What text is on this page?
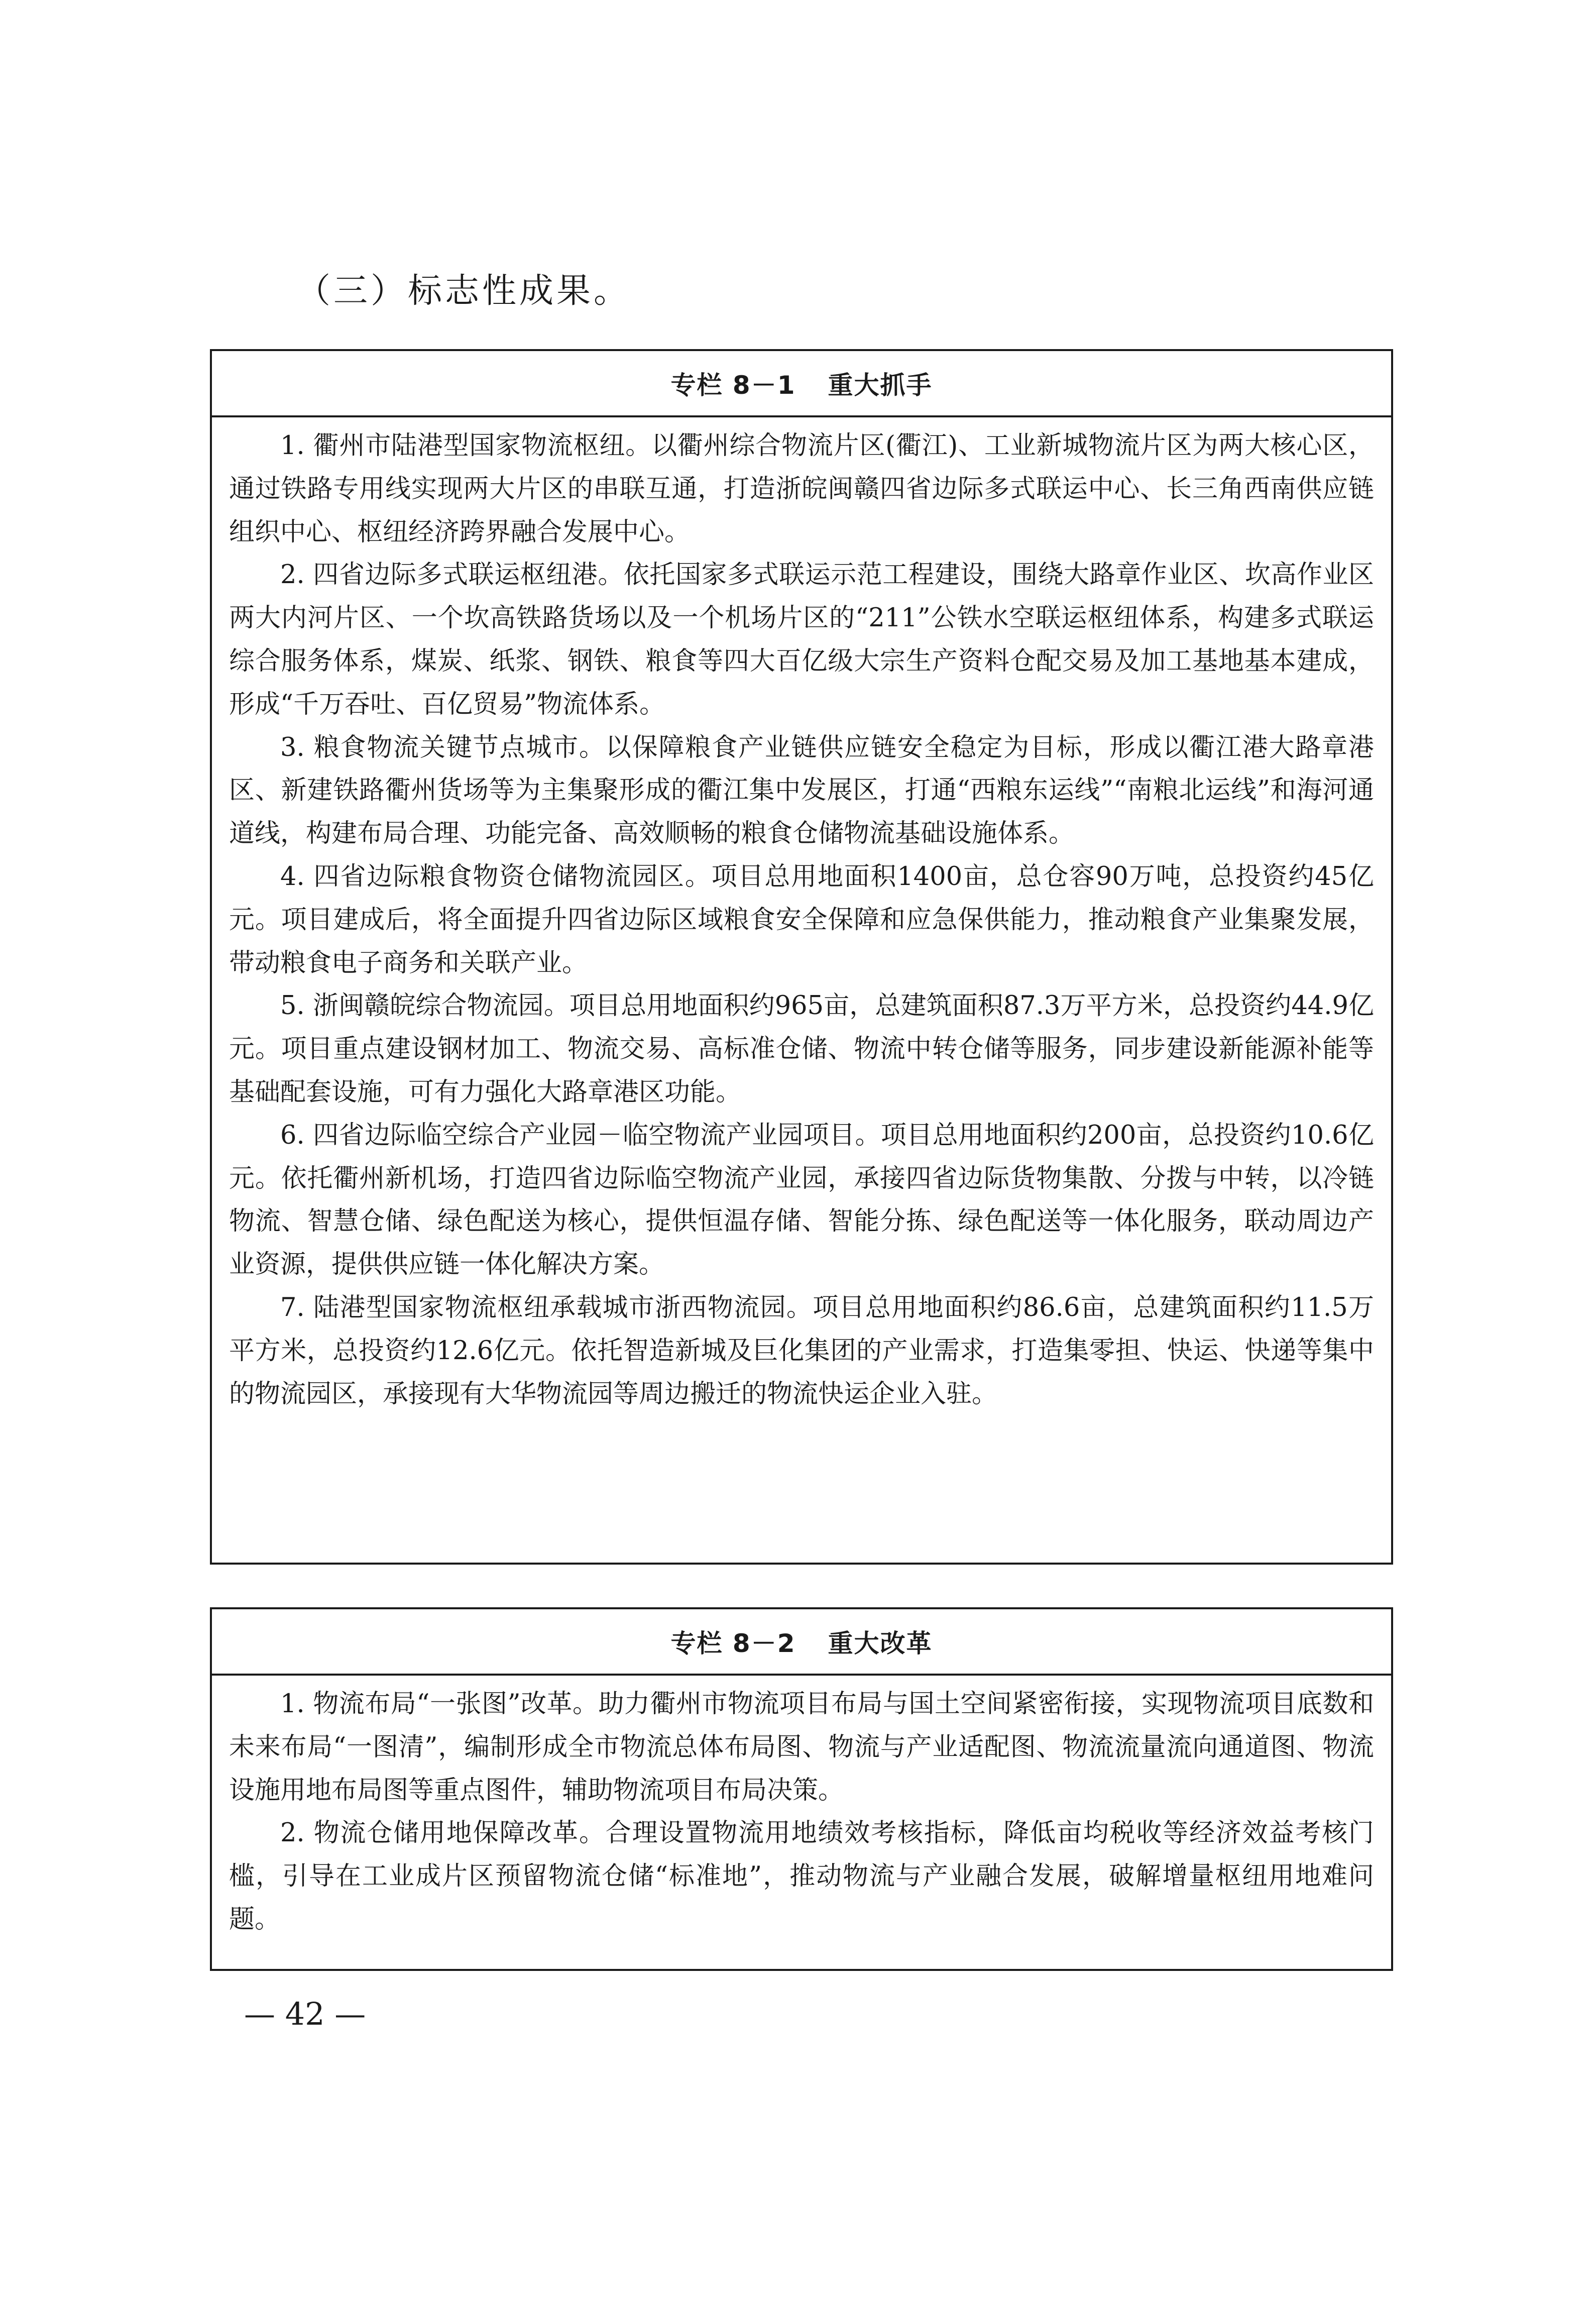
（三）标志性成果。
专栏 8－1 重大抓手

1. 衢州市陆港型国家物流枢纽。以衢州综合物流片区(衢江)、工业新城物流片区为两大核心区，通过铁路专用线实现两大片区的串联互通，打造浙皖闽赣四省边际多式联运中心、长三角西南供应链组织中心、枢纽经济跨界融合发展中心。

2. 四省边际多式联运枢纽港。依托国家多式联运示范工程建设，围绕大路章作业区、坎高作业区两大内河片区、一个坎高铁路货场以及一个机场片区的“211”公铁水空联运枢纽体系，构建多式联运综合服务体系，煤炭、纸浆、钢铁、粮食等四大百亿级大宗生产资料仓配交易及加工基地基本建成，形成“千万吞吐、百亿贸易”物流体系。

3. 粮食物流关键节点城市。以保障粮食产业链供应链安全稳定为目标，形成以衢江港大路章港区、新建铁路衢州货场等为主集聚形成的衢江集中发展区，打通“西粮东运线”“南粮北运线”和海河通道线，构建布局合理、功能完备、高效顺畅的粮食仓储物流基础设施体系。

4. 四省边际粮食物资仓储物流园区。项目总用地面积1400亩，总仓容90万吨，总投资约45亿元。项目建成后，将全面提升四省边际区域粮食安全保障和应急保供能力，推动粮食产业集聚发展，带动粮食电子商务和关联产业。

5. 浙闽赣皖综合物流园。项目总用地面积约965亩，总建筑面积87.3万平方米，总投资约44.9亿元。项目重点建设钢材加工、物流交易、高标准仓储、物流中转仓储等服务，同步建设新能源补能等基础配套设施，可有力强化大路章港区功能。

6. 四省边际临空综合产业园－临空物流产业园项目。项目总用地面积约200亩，总投资约10.6亿元。依托衢州新机场，打造四省边际临空物流产业园，承接四省边际货物集散、分拨与中转，以冷链物流、智慧仓储、绿色配送为核心，提供恒温存储、智能分拣、绿色配送等一体化服务，联动周边产业资源，提供供应链一体化解决方案。

7. 陆港型国家物流枢纽承载城市浙西物流园。项目总用地面积约86.6亩，总建筑面积约11.5万平方米，总投资约12.6亿元。依托智造新城及巨化集团的产业需求，打造集零担、快运、快递等集中的物流园区，承接现有大华物流园等周边搬迁的物流快运企业入驻。

专栏 8－2 重大改革

1. 物流布局“一张图”改革。助力衢州市物流项目布局与国土空间紧密衔接，实现物流项目底数和未来布局“一图清”，编制形成全市物流总体布局图、物流与产业适配图、物流流量流向通道图、物流设施用地布局图等重点图件，辅助物流项目布局决策。

2. 物流仓储用地保障改革。合理设置物流用地绩效考核指标，降低亩均税收等经济效益考核门槛，引导在工业成片区预留物流仓储“标准地”，推动物流与产业融合发展，破解增量枢纽用地难问题。

— 42 —
